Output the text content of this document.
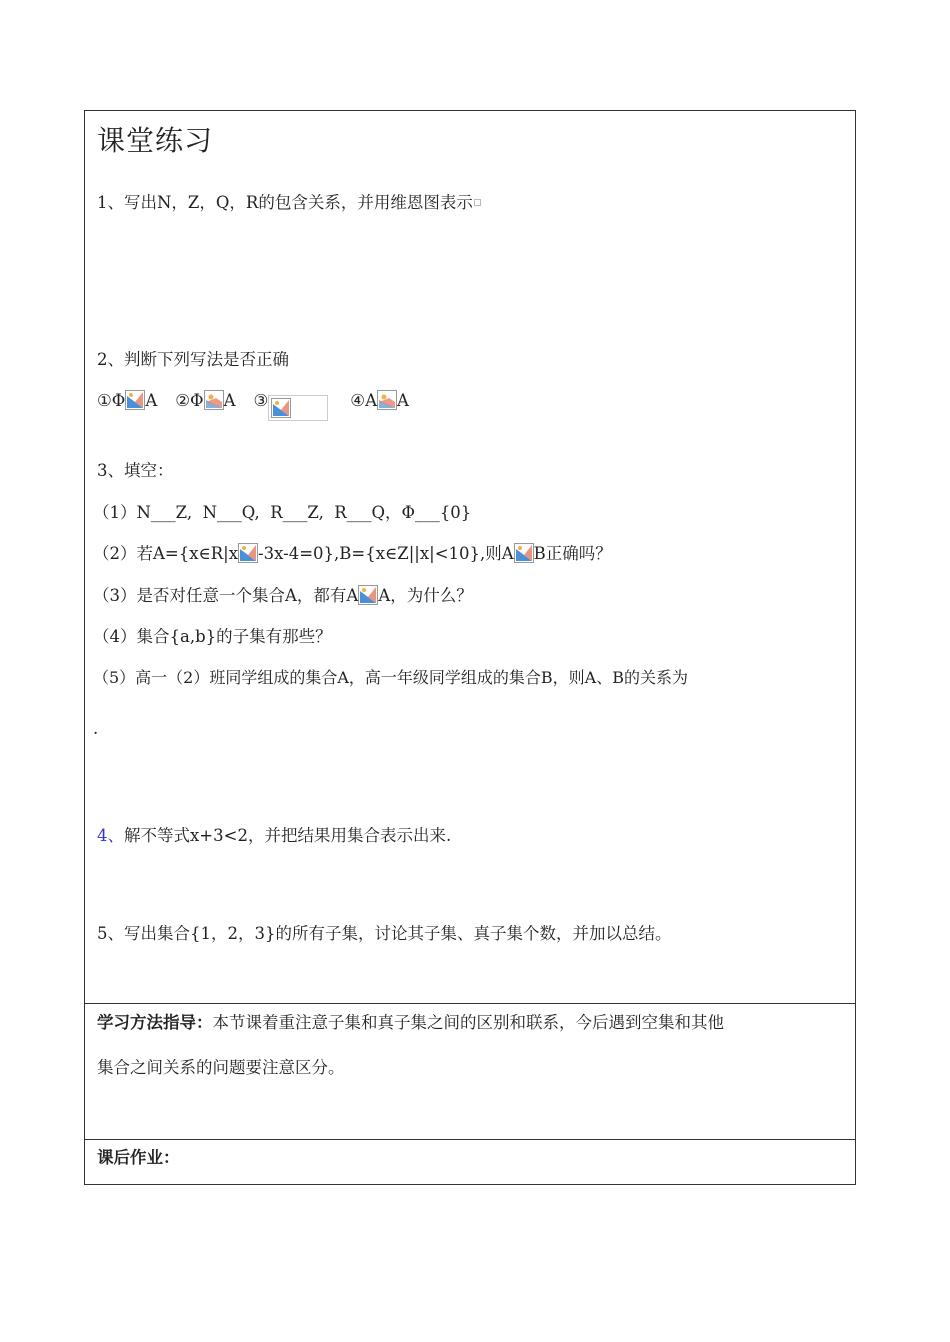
课堂练习
1、写出N，Z，Q，R的包含关系，并用维恩图表示
2、判断下列写法是否正确
①Φ A ②Φ A ③	④A A
3、填空：
（1）N___Z,  N___Q,  R___Z,  R___Q，Φ___{0}
（2）若A={x∈R|x -3x-4=0},B={x∈Z||x|<10},则A B正确吗？
（3）是否对任意一个集合A，都有A A，为什么？
（4）集合{a,b}的子集有那些？
（5）高一（2）班同学组成的集合A，高一年级同学组成的集合B，则A、B的关系为
.
4、解不等式x+3<2，并把结果用集合表示出来.
5、写出集合{1，2，3}的所有子集，讨论其子集、真子集个数，并加以总结。
学习方法指导：本节课着重注意子集和真子集之间的区别和联系，今后遇到空集和其他
集合之间关系的问题要注意区分。
课后作业：
